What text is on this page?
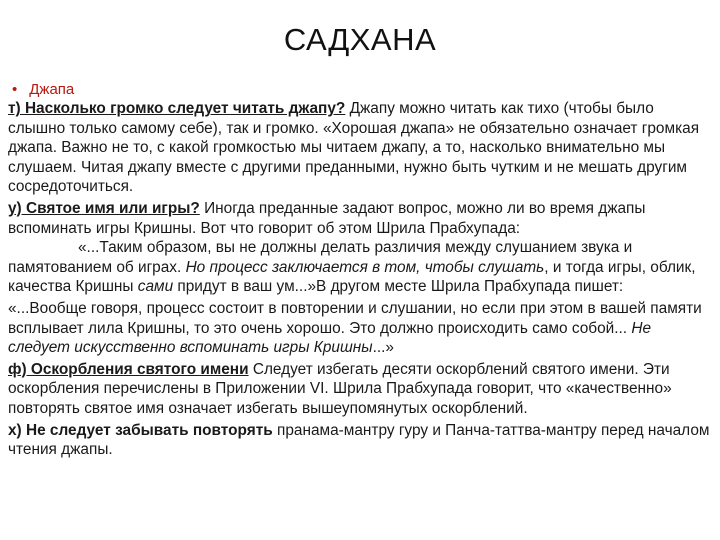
САДХАНА
• Джапа

т) Насколько громко следует читать джапу? Джапу можно читать как тихо (чтобы было слышно только самому себе), так и громко. «Хорошая джапа» не обязательно означает громкая джапа. Важно не то, с какой громкостью мы читаем джапу, а то, насколько внимательно мы слушаем. Читая джапу вместе с другими преданными, нужно быть чутким и не мешать другим сосредоточиться.

у) Святое имя или игры? Иногда преданные задают вопрос, можно ли во время джапы вспоминать игры Кришны. Вот что говорит об этом Шрила Прабхупада:

«...Таким образом, вы не должны делать различия между слушанием звука и памятованием об играх. Но процесс заключается в том, чтобы слушать, и тогда игры, облик, качества Кришны сами придут в ваш ум...»В другом месте Шрила Прабхупада пишет:

«...Вообще говоря, процесс состоит в повторении и слушании, но если при этом в вашей памяти всплывает лила Кришны, то это очень хорошо. Это должно происходить само собой... Не следует искусственно вспоминать игры Кришны...»

ф) Оскорбления святого имени Следует избегать десяти оскорблений святого имени. Эти оскорбления перечислены в Приложении VI. Шрила Прабхупада говорит, что «качественно» повторять святое имя означает избегать вышеупомянутых оскорблений.

х) Не следует забывать повторять пранама-мантру гуру и Панча-таттва-мантру перед началом чтения джапы.
